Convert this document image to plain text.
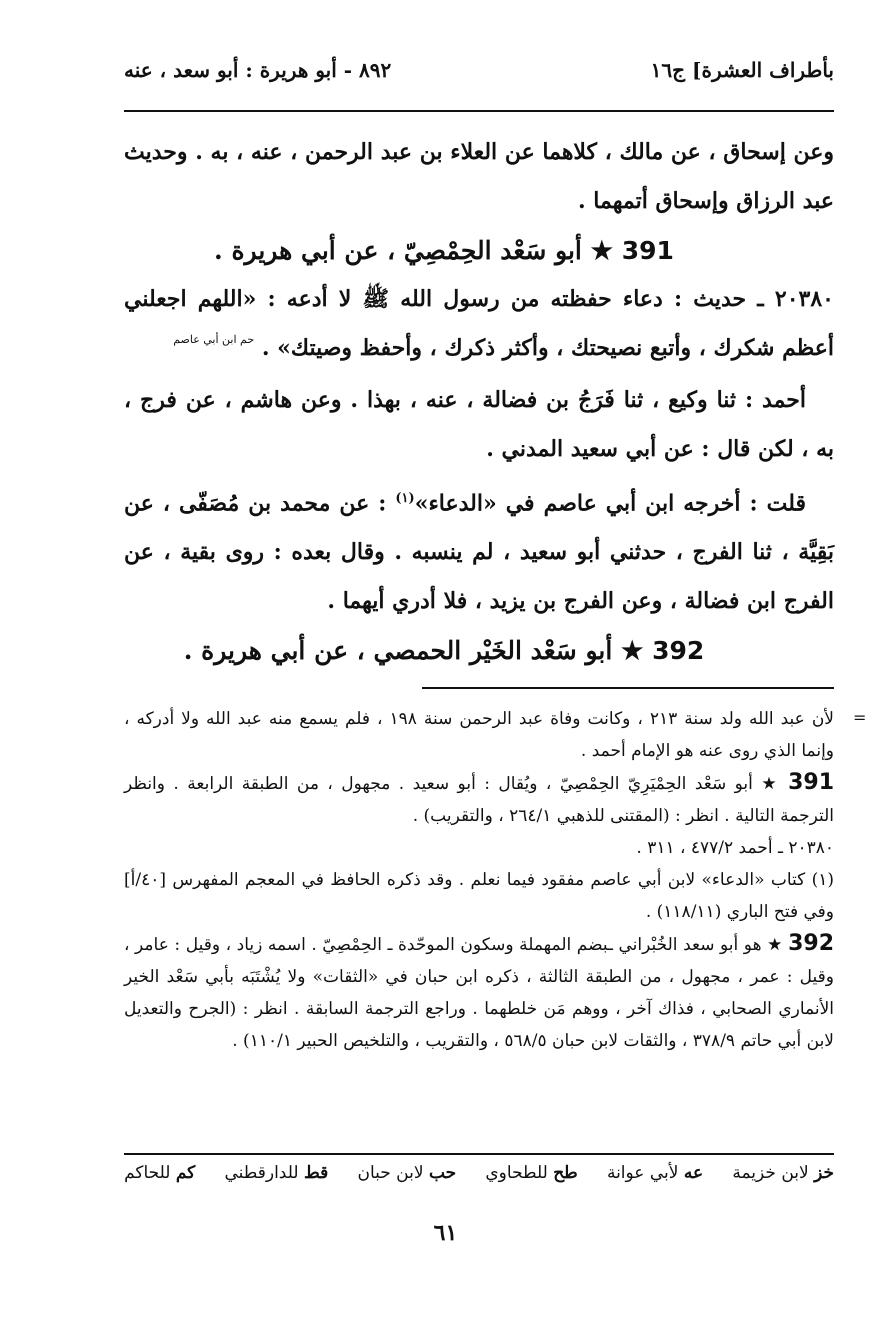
بأطراف العشرة] ج١٦
٨٩٢ - أبو هريرة : أبو سعد ، عنه

وعن إسحاق ، عن مالك ، كلاهما عن العلاء بن عبد الرحمن ، عنه ، به . وحديث عبد الرزاق وإسحاق أتمهما .

391 ★ أبو سَعْد الحِمْصِيّ ، عن أبي هريرة .

٢٠٣٨٠ ـ حديث : دعاء حفظته من رسول الله ﷺ لا أدعه : «اللهم اجعلني أعظم شكرك ، وأتبع نصيحتك ، وأكثر ذكرك ، وأحفظ وصيتك» . $^{حم ابن أبي عاصم}$

أحمد : ثنا وكيع ، ثنا فَرَجُ بن فضالة ، عنه ، بهذا . وعن هاشم ، عن فرج ، به ، لكن قال : عن أبي سعيد المدني .

قلت : أخرجه ابن أبي عاصم في «الدعاء»$^{(١)}$ : عن محمد بن مُصَفّى ، عن بَقِيَّة ، ثنا الفرج ، حدثني أبو سعيد ، لم ينسبه . وقال بعده : روى بقية ، عن الفرج ابن فضالة ، وعن الفرج بن يزيد ، فلا أدري أيهما .

392 ★ أبو سَعْد الخَيْر الحمصي ، عن أبي هريرة .

=

لأن عبد الله ولد سنة ٢١٣ ، وكانت وفاة عبد الرحمن سنة ١٩٨ ، فلم يسمع منه عبد الله ولا أدركه ، وإنما الذي روى عنه هو الإمام أحمد .

391 ★ أبو سَعْد الحِمْيَرِيّ الحِمْصِيّ ، ويُقال : أبو سعيد . مجهول ، من الطبقة الرابعة . وانظر الترجمة التالية . انظر : (المقتنى للذهبي ٢٦٤/١ ، والتقريب) .

٢٠٣٨٠ ـ أحمد ٤٧٧/٢ ، ٣١١ .

(١) كتاب «الدعاء» لابن أبي عاصم مفقود فيما نعلم . وقد ذكره الحافظ في المعجم المفهرس [٤٠/أ] وفي فتح الباري (١١٨/١١) .

392 ★ هو أبو سعد الخُبْراني ـبضم المهملة وسكون الموحّدة ـ الحِمْصِيّ . اسمه زياد ، وقيل : عامر ، وقيل : عمر ، مجهول ، من الطبقة الثالثة ، ذكره ابن حبان في «الثقات» ولا يُشْتَبَه بأبي سَعْد الخير الأنماري الصحابي ، فذاك آخر ، ووهم مَن خلطهما . وراجع الترجمة السابقة . انظر : (الجرح والتعديل لابن أبي حاتم ٣٧٨/٩ ، والثقات لابن حبان ٥٦٨/٥ ، والتقريب ، والتلخيص الحبير ١١٠/١) .

خز لابن خزيمة
عه لأبي عوانة
طح للطحاوي
حب لابن حبان
قط للدارقطني
كم للحاكم
٦١
